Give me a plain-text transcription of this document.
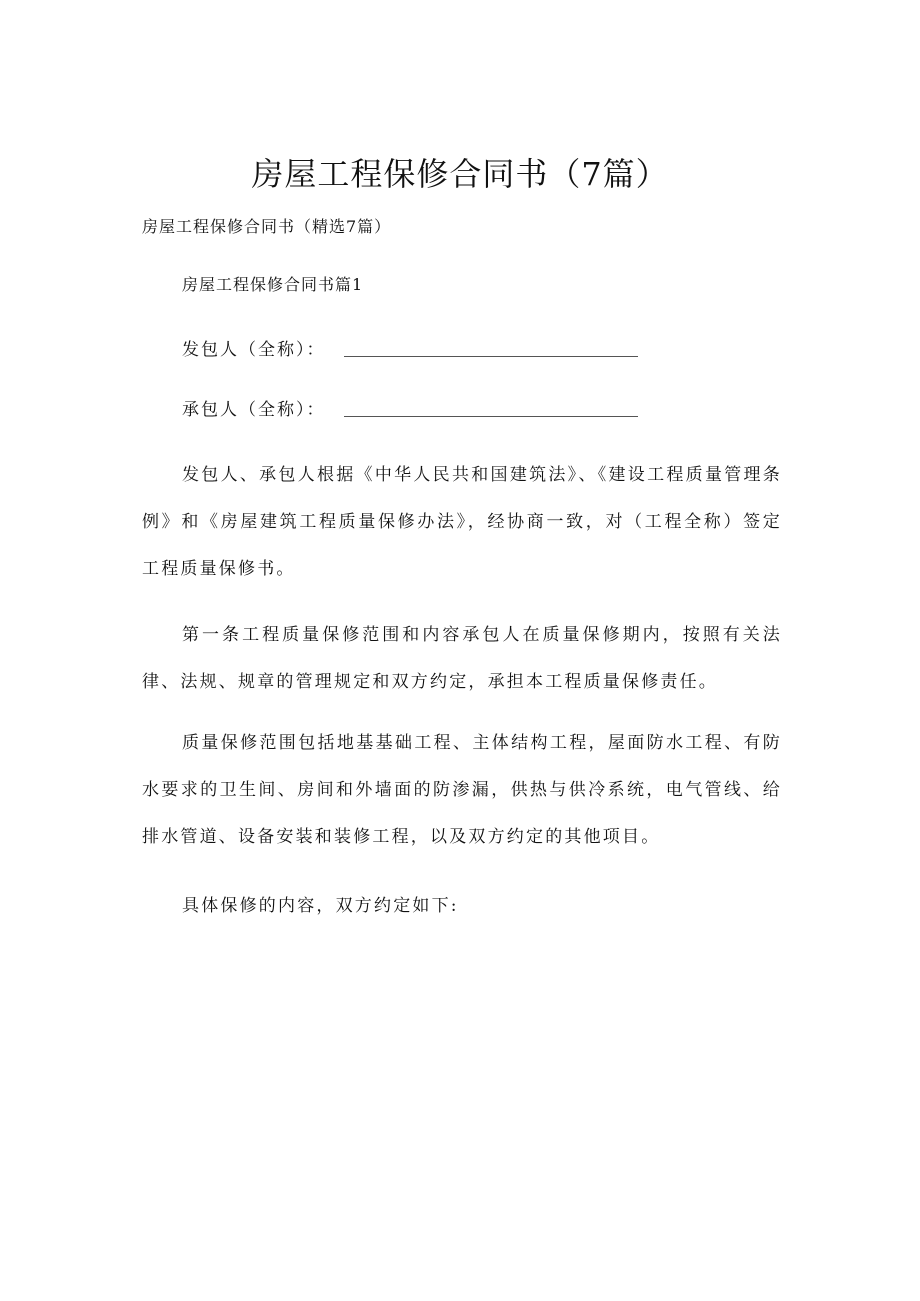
房屋工程保修合同书（7篇）

房屋工程保修合同书（精选7篇）

房屋工程保修合同书篇1

发包人（全称）：

承包人（全称）：

发包人、承包人根据《中华人民共和国建筑法》、《建设工程质量管理条例》和《房屋建筑工程质量保修办法》，经协商一致，对（工程全称）签定工程质量保修书。

第一条工程质量保修范围和内容承包人在质量保修期内，按照有关法律、法规、规章的管理规定和双方约定，承担本工程质量保修责任。

质量保修范围包括地基基础工程、主体结构工程，屋面防水工程、有防水要求的卫生间、房间和外墙面的防渗漏，供热与供冷系统，电气管线、给排水管道、设备安装和装修工程，以及双方约定的其他项目。

具体保修的内容，双方约定如下:
